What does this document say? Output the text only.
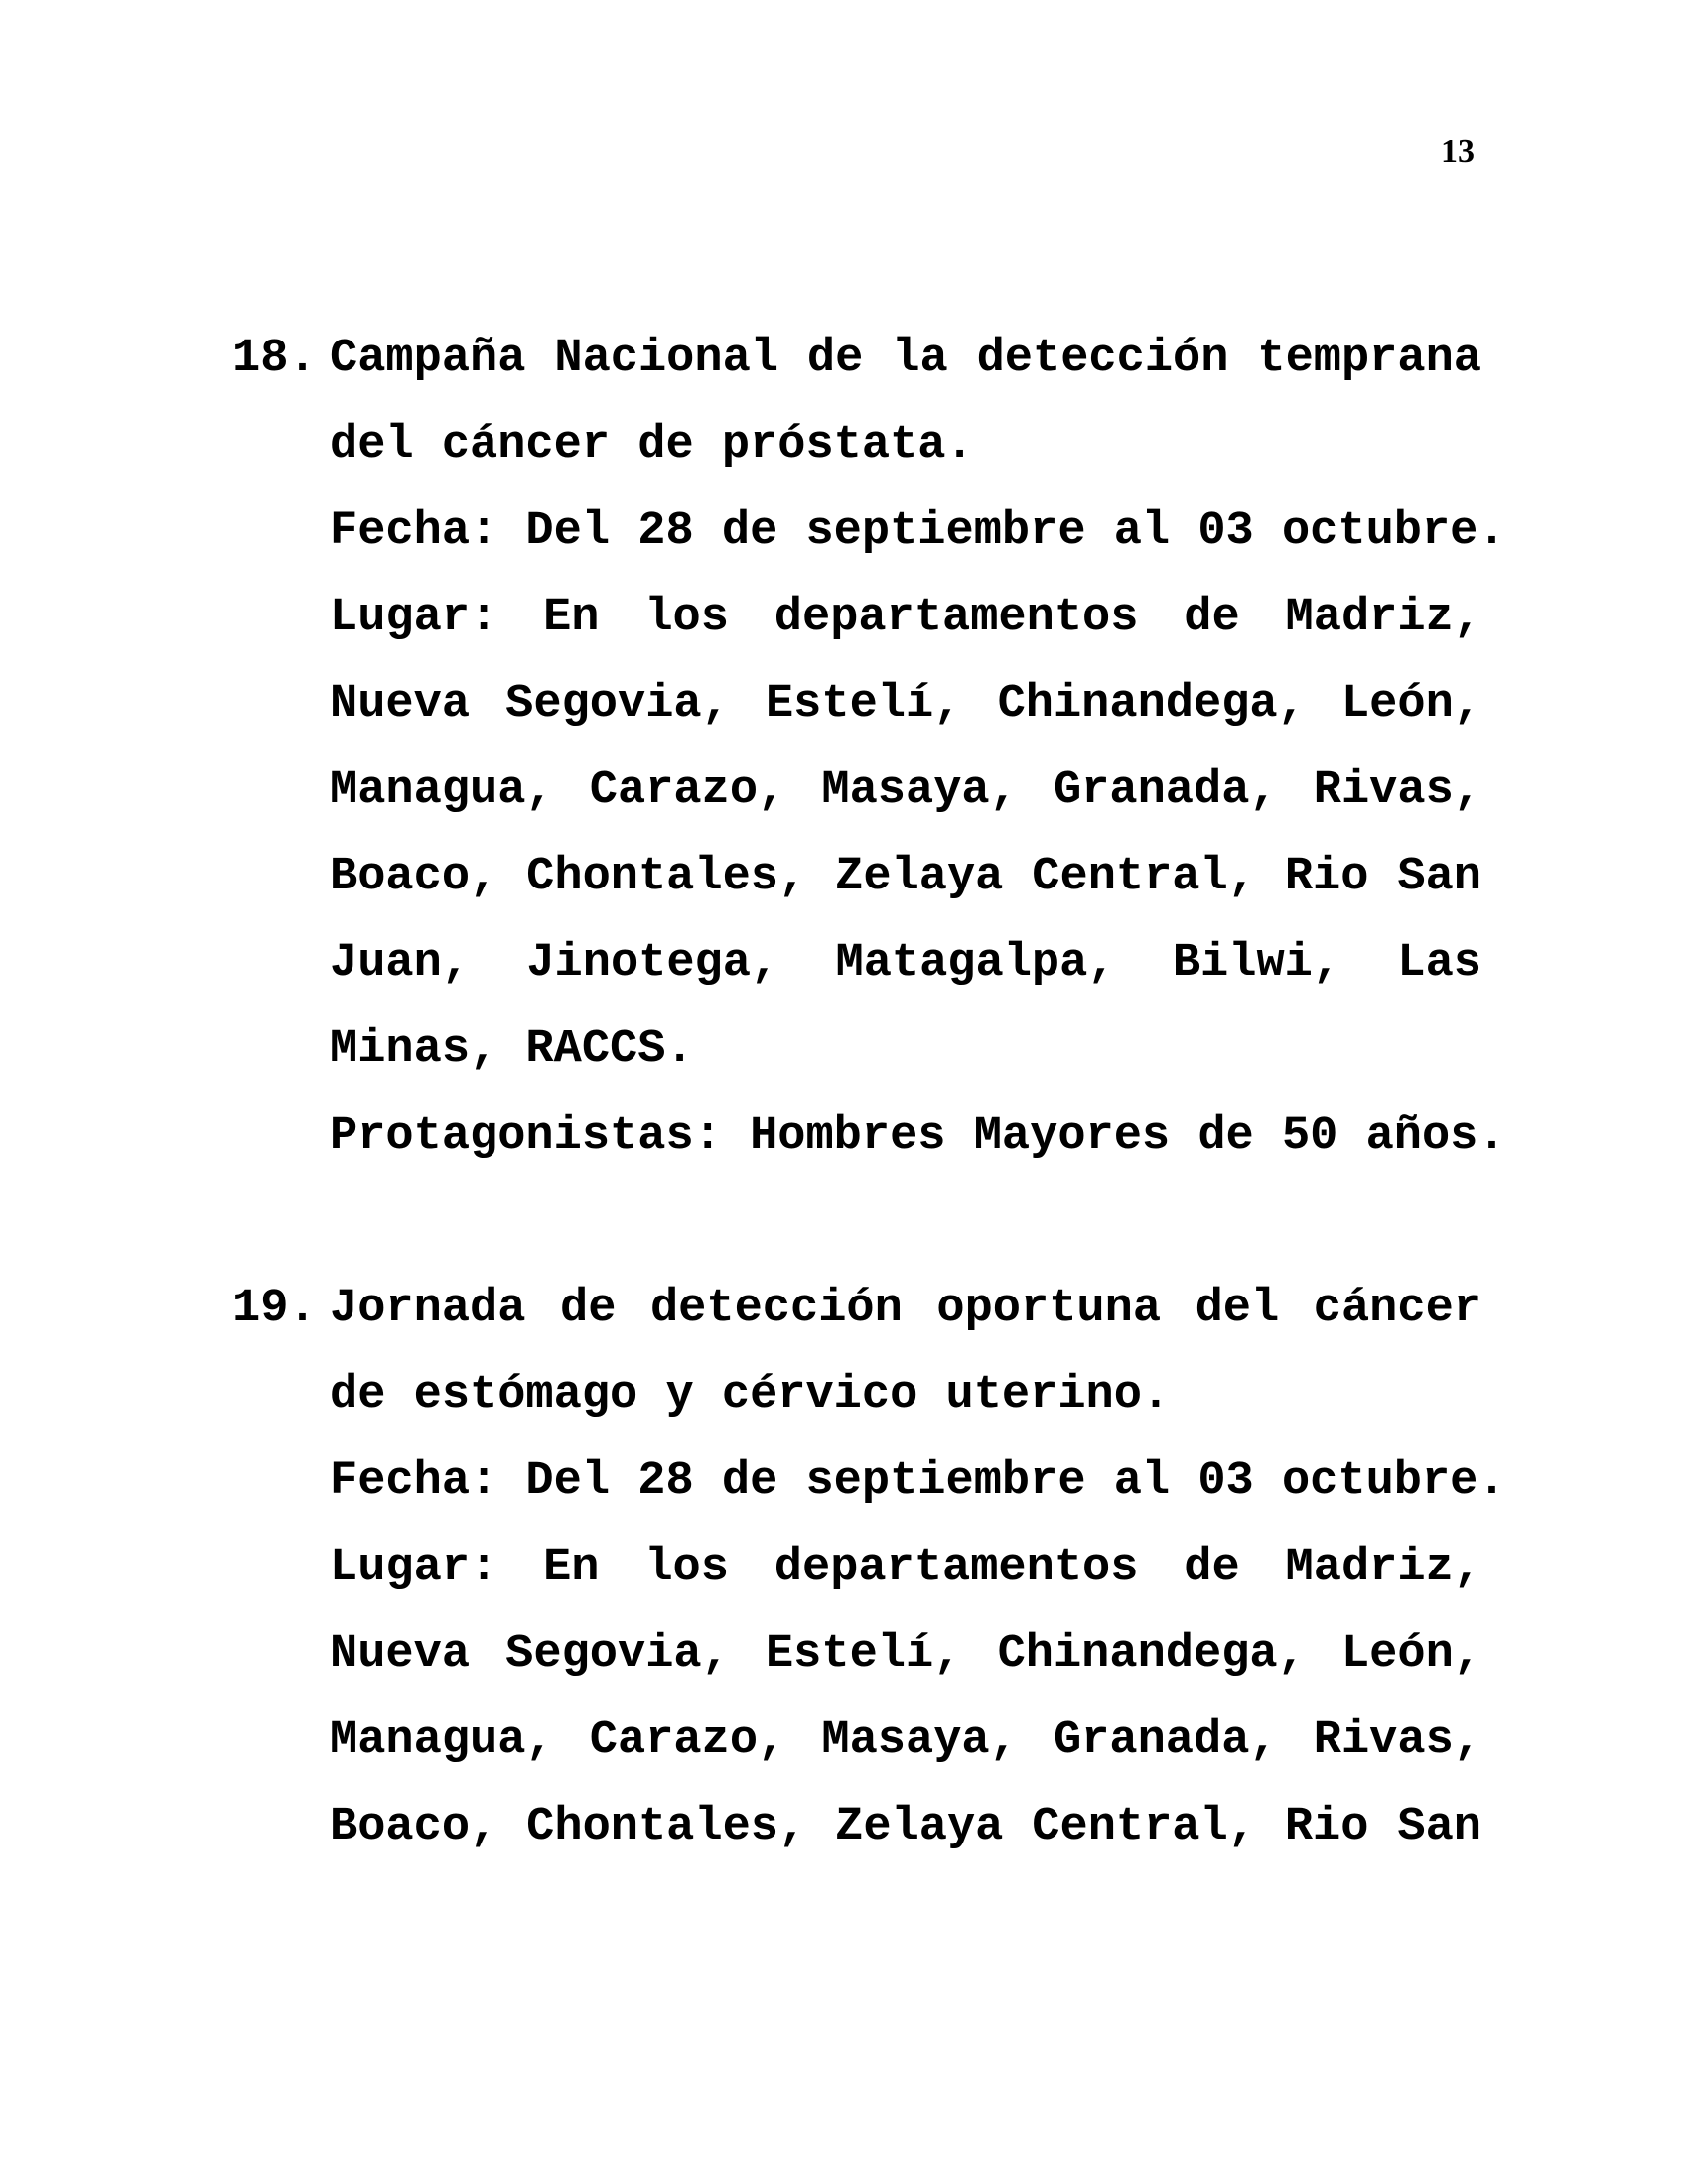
13
18. Campaña Nacional de la detección temprana
del cáncer de próstata.
Fecha: Del 28 de septiembre al 03 octubre.
Lugar: En los departamentos de Madriz,
Nueva Segovia, Estelí, Chinandega, León,
Managua, Carazo, Masaya, Granada, Rivas,
Boaco, Chontales, Zelaya Central, Rio San
Juan, Jinotega, Matagalpa, Bilwi, Las
Minas, RACCS.
Protagonistas: Hombres Mayores de 50 años.
19. Jornada de detección oportuna del cáncer
de estómago y cérvico uterino.
Fecha: Del 28 de septiembre al 03 octubre.
Lugar: En los departamentos de Madriz,
Nueva Segovia, Estelí, Chinandega, León,
Managua, Carazo, Masaya, Granada, Rivas,
Boaco, Chontales, Zelaya Central, Rio San
